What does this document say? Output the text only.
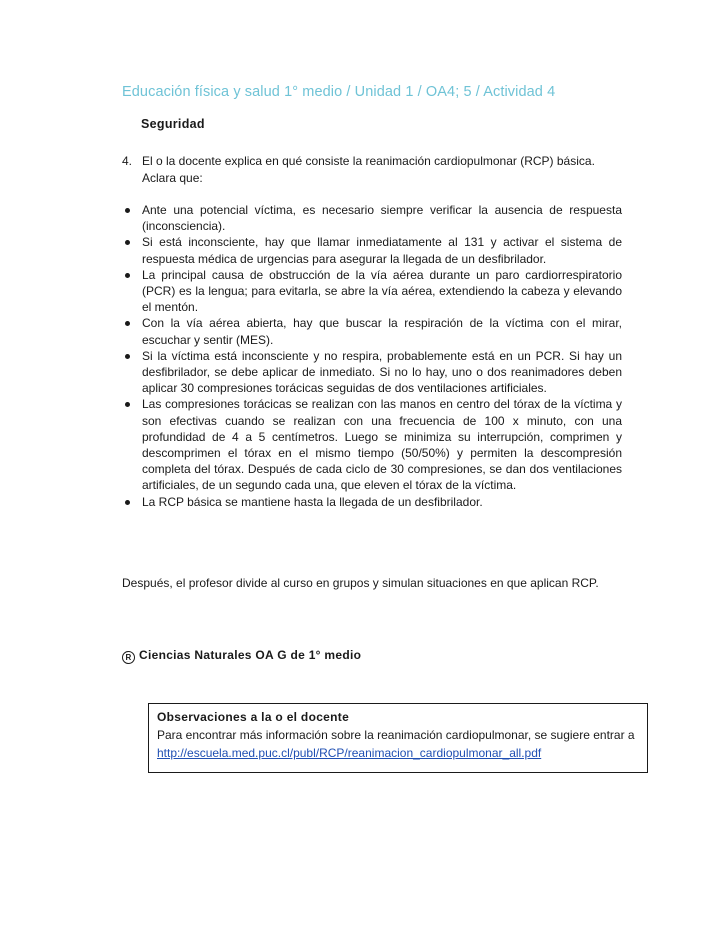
Educación física y salud 1° medio / Unidad 1 / OA4; 5 / Actividad 4
Seguridad
4. El o la docente explica en qué consiste la reanimación cardiopulmonar (RCP) básica. Aclara que:
Ante una potencial víctima, es necesario siempre verificar la ausencia de respuesta (inconsciencia).
Si está inconsciente, hay que llamar inmediatamente al 131 y activar el sistema de respuesta médica de urgencias para asegurar la llegada de un desfibrilador.
La principal causa de obstrucción de la vía aérea durante un paro cardiorrespiratorio (PCR) es la lengua; para evitarla, se abre la vía aérea, extendiendo la cabeza y elevando el mentón.
Con la vía aérea abierta, hay que buscar la respiración de la víctima con el mirar, escuchar y sentir (MES).
Si la víctima está inconsciente y no respira, probablemente está en un PCR. Si hay un desfibrilador, se debe aplicar de inmediato. Si no lo hay, uno o dos reanimadores deben aplicar 30 compresiones torácicas seguidas de dos ventilaciones artificiales.
Las compresiones torácicas se realizan con las manos en centro del tórax de la víctima y son efectivas cuando se realizan con una frecuencia de 100 x minuto, con una profundidad de 4 a 5 centímetros. Luego se minimiza su interrupción, comprimen y descomprimen el tórax en el mismo tiempo (50/50%) y permiten la descompresión completa del tórax. Después de cada ciclo de 30 compresiones, se dan dos ventilaciones artificiales, de un segundo cada una, que eleven el tórax de la víctima.
La RCP básica se mantiene hasta la llegada de un desfibrilador.
Después, el profesor divide al curso en grupos y simulan situaciones en que aplican RCP.
R Ciencias Naturales OA G de 1° medio
Observaciones a la o el docente
Para encontrar más información sobre la reanimación cardiopulmonar, se sugiere entrar a http://escuela.med.puc.cl/publ/RCP/reanimacion_cardiopulmonar_all.pdf
